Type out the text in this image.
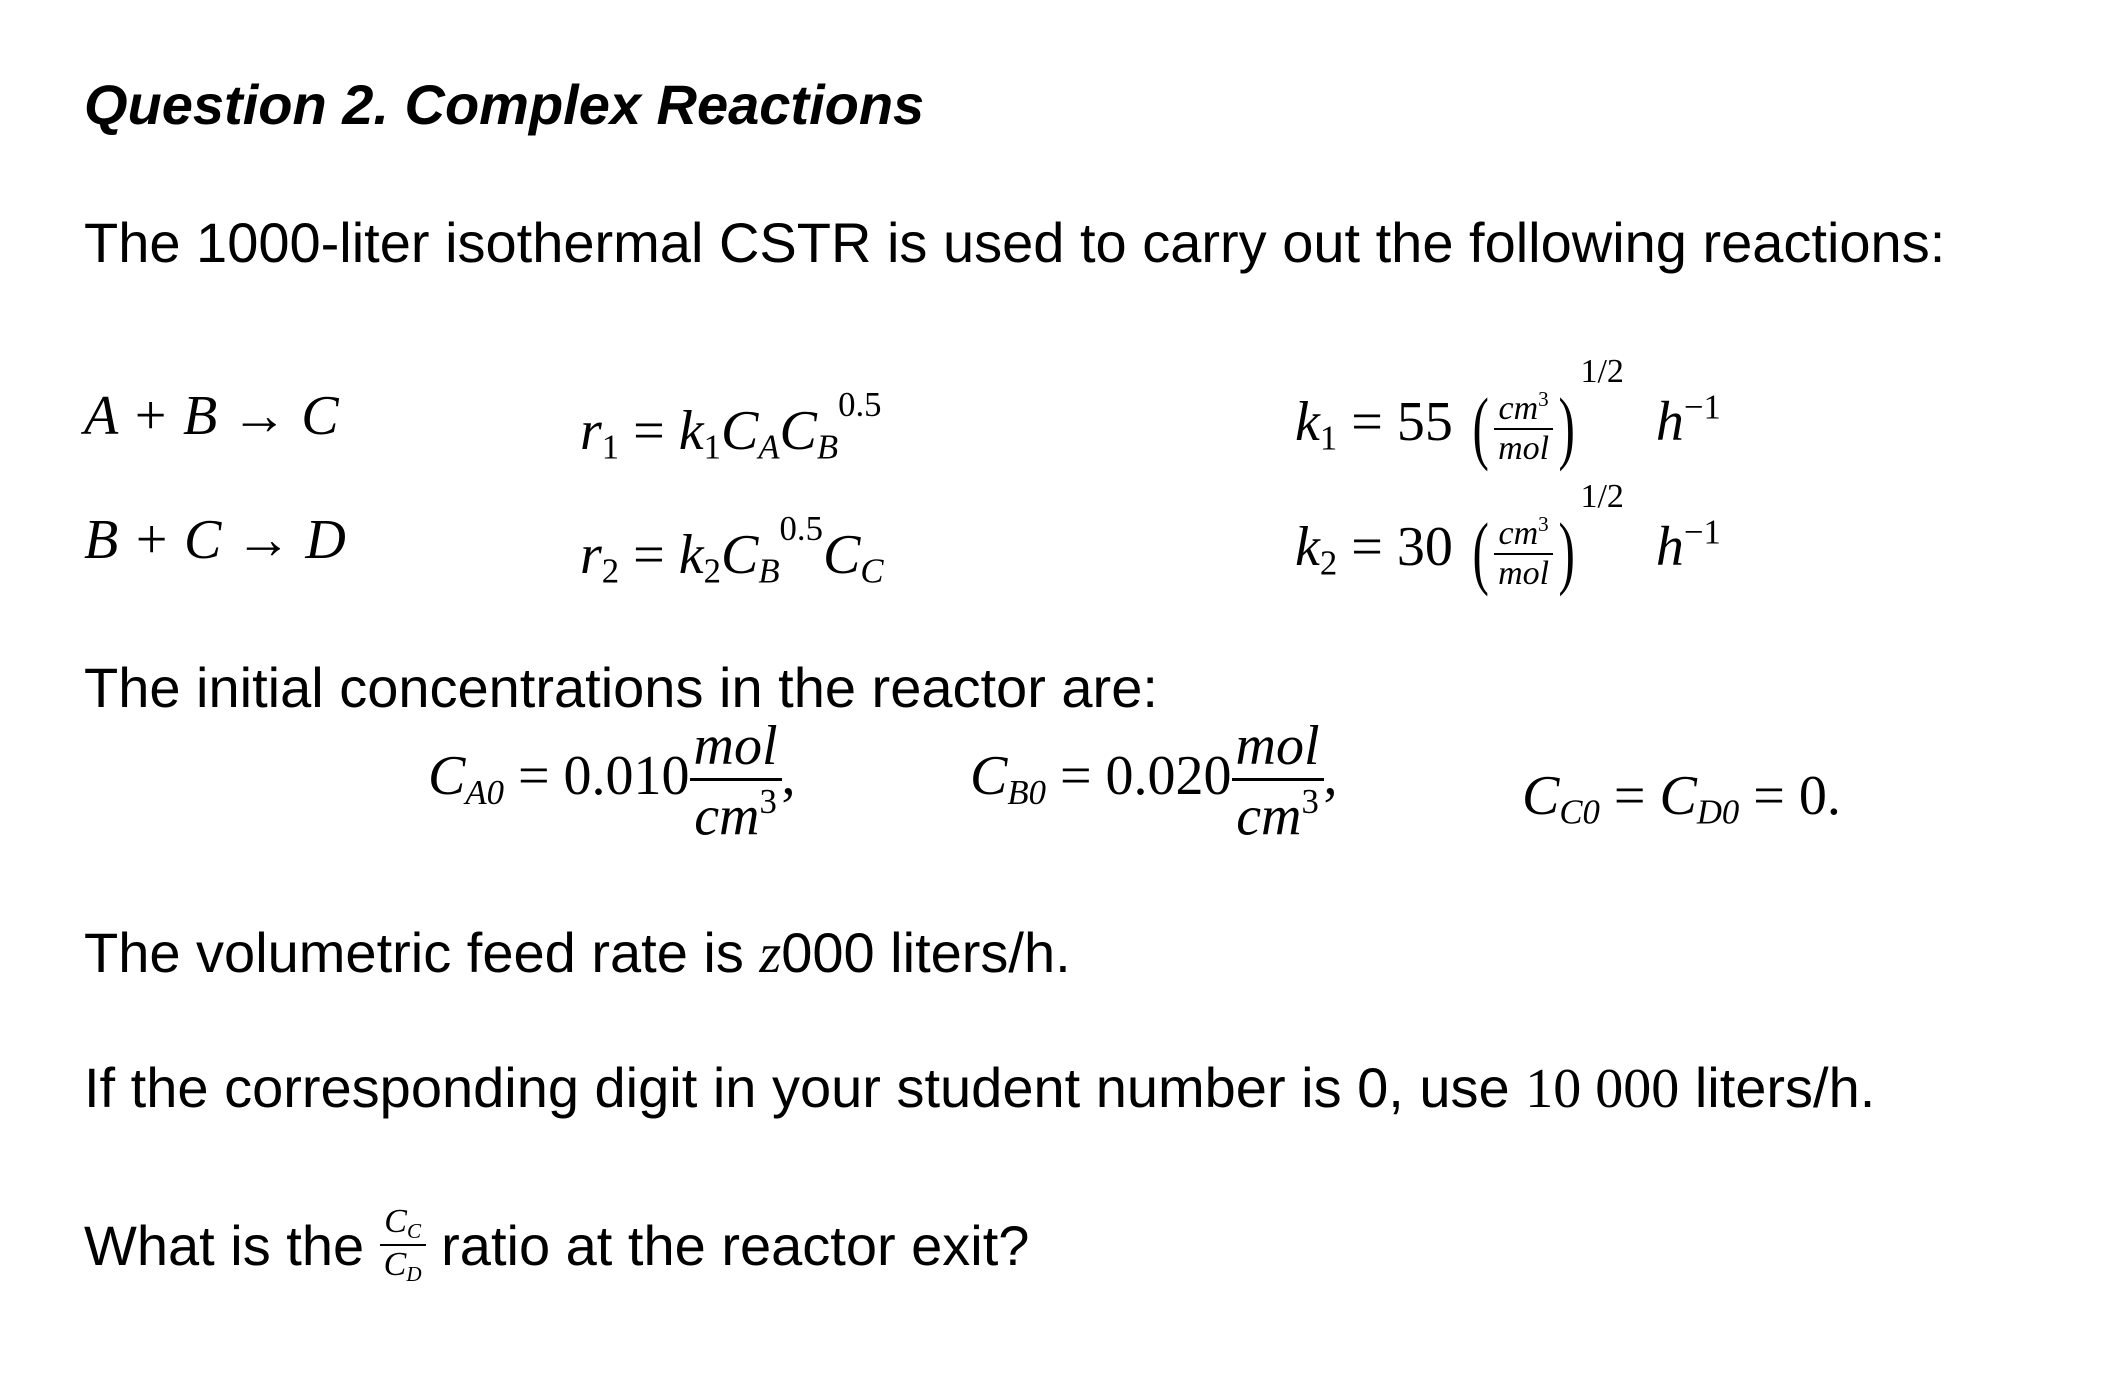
Question 2. Complex Reactions
The 1000-liter isothermal CSTR is used to carry out the following reactions:
A + B → C	$r_1 = k_1C_AC_B^{0.5}$	$k_1 = 55$ ( $\frac{cm^3}{\text{mol}} )^{1/2}$ $h^{-1}$
B + C → D	$r_2 = k_2C_B^{0.5}C_C$	$k_2 = 30$ ( $\frac{cm^3}{\text{mol}} )^{1/2}$ $h^{-1}$
The initial concentrations in the reactor are:
$C_{A0} = 0.010 \frac{\text{mol}}{cm^3}$ ,	$C_{B0} = 0.020 \frac{\text{mol}}{cm^3}$ ,	$C_{C0} = C_{D0} = 0$.
The volumetric feed rate is z000 liters/h.
If the corresponding digit in your student number is 0, use 10 000 liters/h.
What is the $\frac{C_C}{C_D}$ ratio at the reactor exit?
